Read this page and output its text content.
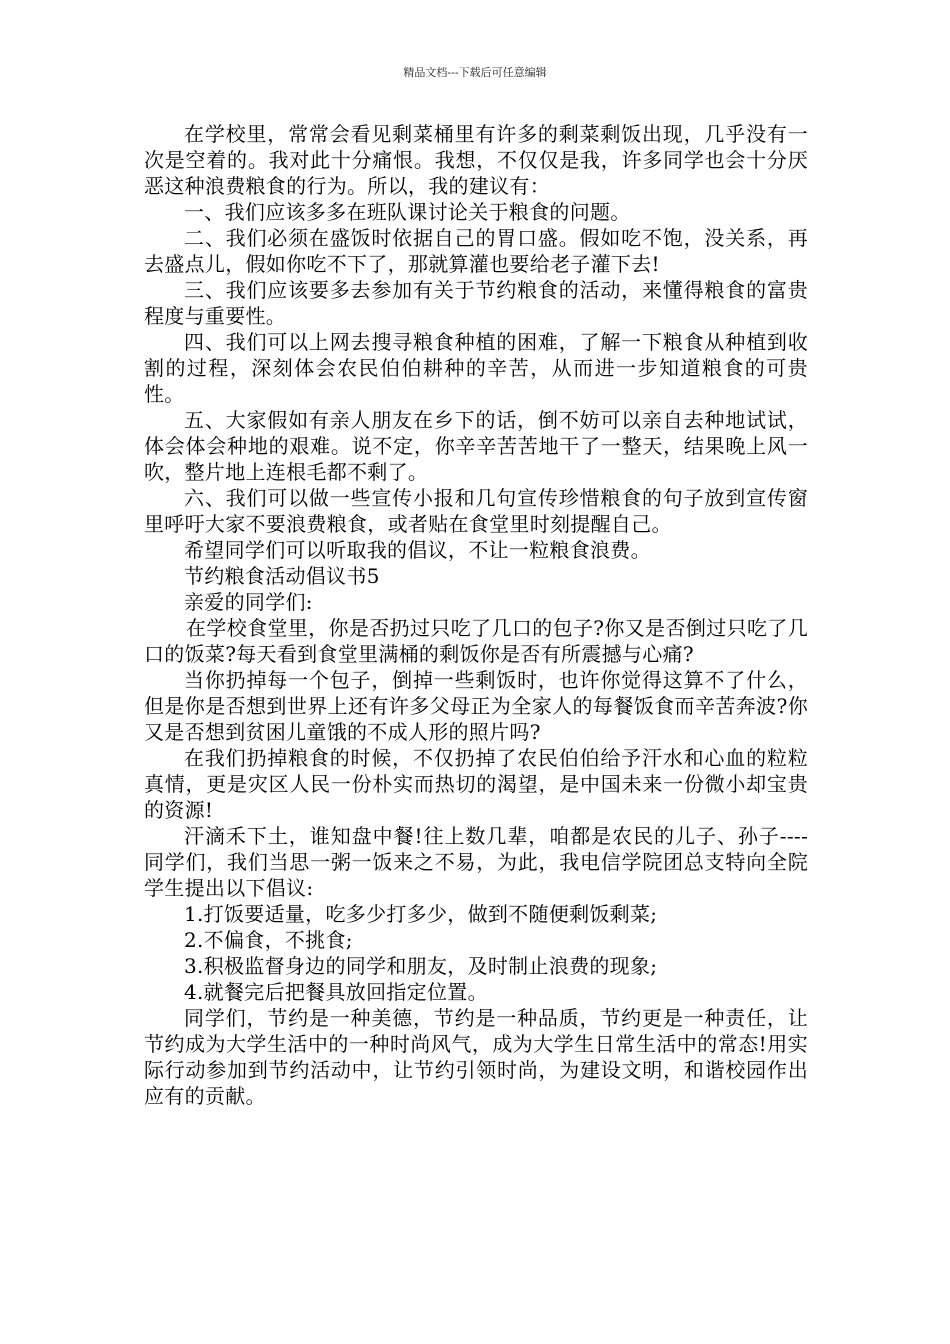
精品文档---下载后可任意编辑

在学校里，常常会看见剩菜桶里有许多的剩菜剩饭出现，几乎没有一次是空着的。我对此十分痛恨。我想，不仅仅是我，许多同学也会十分厌恶这种浪费粮食的行为。所以，我的建议有：

一、我们应该多多在班队课讨论关于粮食的问题。

二、我们必须在盛饭时依据自己的胃口盛。假如吃不饱，没关系，再去盛点儿，假如你吃不下了，那就算灌也要给老子灌下去!

三、我们应该要多去参加有关于节约粮食的活动，来懂得粮食的富贵程度与重要性。

四、我们可以上网去搜寻粮食种植的困难，了解一下粮食从种植到收割的过程，深刻体会农民伯伯耕种的辛苦，从而进一步知道粮食的可贵性。

五、大家假如有亲人朋友在乡下的话，倒不妨可以亲自去种地试试，体会体会种地的艰难。说不定，你辛辛苦苦地干了一整天，结果晚上风一吹，整片地上连根毛都不剩了。

六、我们可以做一些宣传小报和几句宣传珍惜粮食的句子放到宣传窗里呼吁大家不要浪费粮食，或者贴在食堂里时刻提醒自己。

希望同学们可以听取我的倡议，不让一粒粮食浪费。

节约粮食活动倡议书5

亲爱的同学们:

在学校食堂里，你是否扔过只吃了几口的包子?你又是否倒过只吃了几口的饭菜?每天看到食堂里满桶的剩饭你是否有所震撼与心痛?

当你扔掉每一个包子，倒掉一些剩饭时，也许你觉得这算不了什么，但是你是否想到世界上还有许多父母正为全家人的每餐饭食而辛苦奔波?你又是否想到贫困儿童饿的不成人形的照片吗?

在我们扔掉粮食的时候，不仅扔掉了农民伯伯给予汗水和心血的粒粒真情，更是灾区人民一份朴实而热切的渴望，是中国未来一份微小却宝贵的资源!

汗滴禾下土，谁知盘中餐!往上数几辈，咱都是农民的儿子、孙子----同学们，我们当思一粥一饭来之不易，为此，我电信学院团总支特向全院学生提出以下倡议:

1.打饭要适量，吃多少打多少，做到不随便剩饭剩菜;

2.不偏食，不挑食;

3.积极监督身边的同学和朋友，及时制止浪费的现象;

4.就餐完后把餐具放回指定位置。

同学们，节约是一种美德，节约是一种品质，节约更是一种责任，让节约成为大学生活中的一种时尚风气，成为大学生日常生活中的常态!用实际行动参加到节约活动中，让节约引领时尚，为建设文明，和谐校园作出应有的贡献。
